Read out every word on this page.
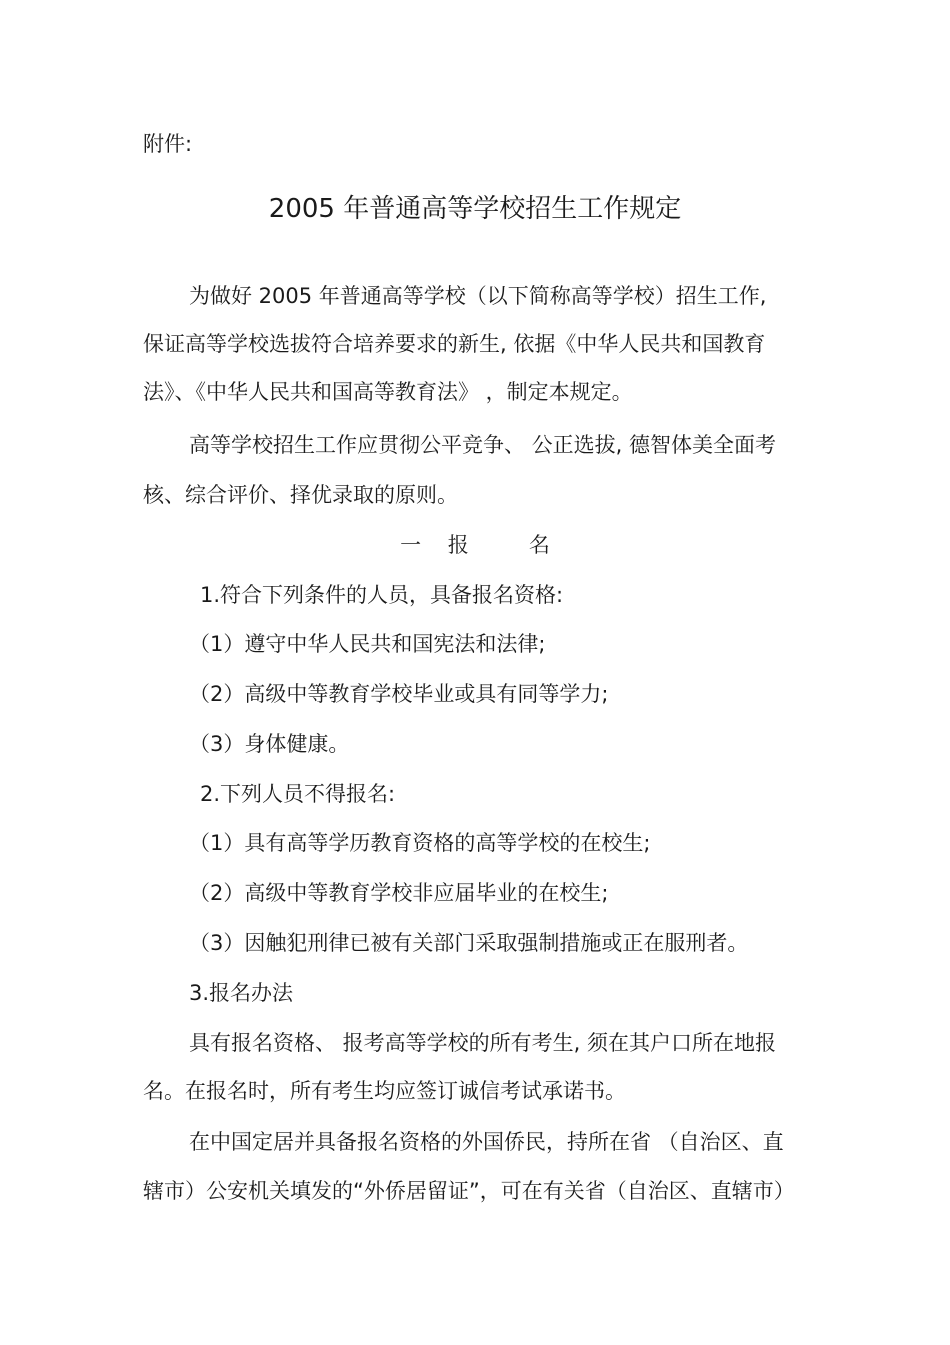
附件:
2005 年普通高等学校招生工作规定
为做好 2005 年普通高等学校（以下简称高等学校）招生工作,
保证高等学校选拔符合培养要求的新生, 依据《中华人民共和国教育
法》、《中华人民共和国高等教育法》 ，制定本规定。
高等学校招生工作应贯彻公平竞争、 公正选拔, 德智体美全面考
核、综合评价、择优录取的原则。
一    报         名
1.符合下列条件的人员，具备报名资格:
（1）遵守中华人民共和国宪法和法律;
（2）高级中等教育学校毕业或具有同等学力;
（3）身体健康。
2.下列人员不得报名:
（1）具有高等学历教育资格的高等学校的在校生;
（2）高级中等教育学校非应届毕业的在校生;
（3）因触犯刑律已被有关部门采取强制措施或正在服刑者。
3.报名办法
具有报名资格、 报考高等学校的所有考生, 须在其户口所在地报
名。在报名时，所有考生均应签订诚信考试承诺书。
在中国定居并具备报名资格的外国侨民，持所在省 （自治区、直
辖市）公安机关填发的“外侨居留证”，可在有关省（自治区、直辖市）
